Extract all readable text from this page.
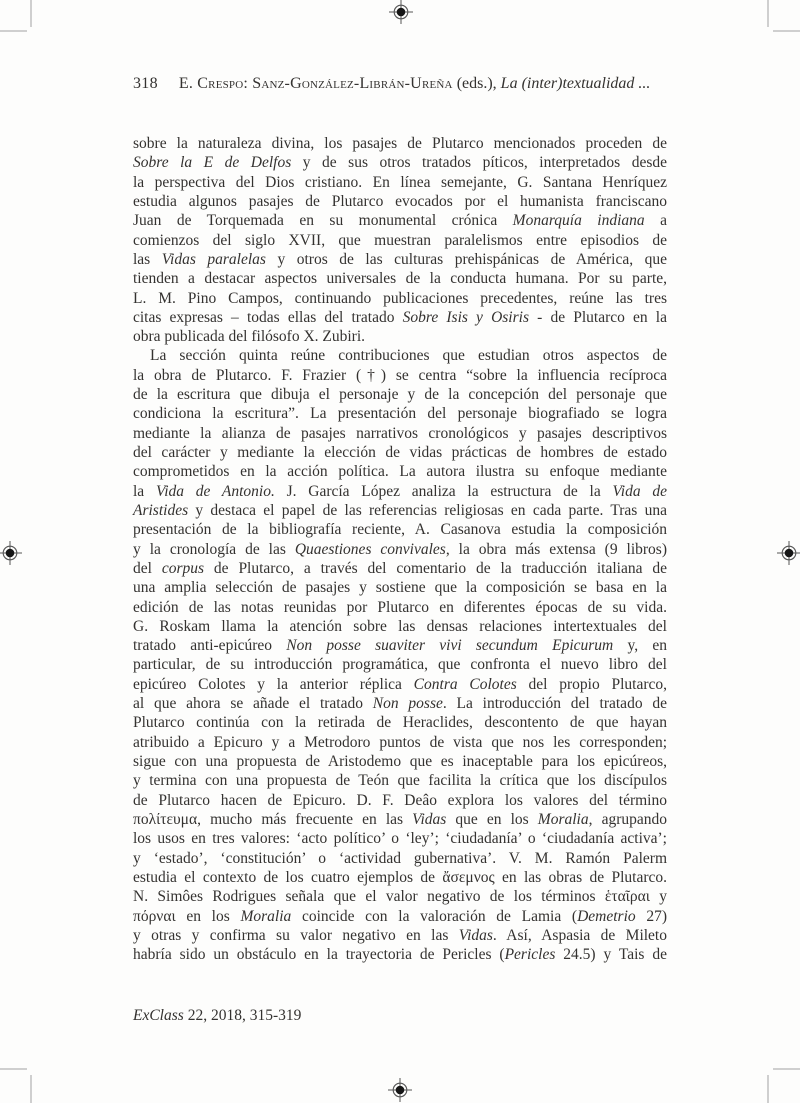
318 E. Crespo: Sanz-González-Librán-Ureña (eds.), La (inter)textualidad ...
sobre la naturaleza divina, los pasajes de Plutarco mencionados proceden de
Sobre la E de Delfos y de sus otros tratados píticos, interpretados desde
la perspectiva del Dios cristiano. En línea semejante, G. Santana Henríquez
estudia algunos pasajes de Plutarco evocados por el humanista franciscano
Juan de Torquemada en su monumental crónica Monarquía indiana a
comienzos del siglo XVII, que muestran paralelismos entre episodios de
las Vidas paralelas y otros de las culturas prehispánicas de América, que
tienden a destacar aspectos universales de la conducta humana. Por su parte,
L. M. Pino Campos, continuando publicaciones precedentes, reúne las tres
citas expresas – todas ellas del tratado Sobre Isis y Osiris - de Plutarco en la
obra publicada del filósofo X. Zubiri.
La sección quinta reúne contribuciones que estudian otros aspectos de
la obra de Plutarco. F. Frazier (†) se centra “sobre la influencia recíproca
de la escritura que dibuja el personaje y de la concepción del personaje que
condiciona la escritura”. La presentación del personaje biografiado se logra
mediante la alianza de pasajes narrativos cronológicos y pasajes descriptivos
del carácter y mediante la elección de vidas prácticas de hombres de estado
comprometidos en la acción política. La autora ilustra su enfoque mediante
la Vida de Antonio. J. García López analiza la estructura de la Vida de
Aristides y destaca el papel de las referencias religiosas en cada parte. Tras una
presentación de la bibliografía reciente, A. Casanova estudia la composición
y la cronología de las Quaestiones convivales, la obra más extensa (9 libros)
del corpus de Plutarco, a través del comentario de la traducción italiana de
una amplia selección de pasajes y sostiene que la composición se basa en la
edición de las notas reunidas por Plutarco en diferentes épocas de su vida.
G. Roskam llama la atención sobre las densas relaciones intertextuales del
tratado anti-epicúreo Non posse suaviter vivi secundum Epicurum y, en
particular, de su introducción programática, que confronta el nuevo libro del
epicúreo Colotes y la anterior réplica Contra Colotes del propio Plutarco,
al que ahora se añade el tratado Non posse. La introducción del tratado de
Plutarco continúa con la retirada de Heraclides, descontento de que hayan
atribuido a Epicuro y a Metrodoro puntos de vista que nos les corresponden;
sigue con una propuesta de Aristodemo que es inaceptable para los epicúreos,
y termina con una propuesta de Teón que facilita la crítica que los discípulos
de Plutarco hacen de Epicuro. D. F. Deâo explora los valores del término
πολίτευμα, mucho más frecuente en las Vidas que en los Moralia, agrupando
los usos en tres valores: ‘acto político’ o ‘ley’; ‘ciudadanía’ o ‘ciudadanía activa’;
y ‘estado’, ‘constitución’ o ‘actividad gubernativa’. V. M. Ramón Palerm
estudia el contexto de los cuatro ejemplos de ἄσεμνος en las obras de Plutarco.
N. Simôes Rodrigues señala que el valor negativo de los términos ἑταῖραι y
πόρναι en los Moralia coincide con la valoración de Lamia (Demetrio 27)
y otras y confirma su valor negativo en las Vidas. Así, Aspasia de Mileto
habría sido un obstáculo en la trayectoria de Pericles (Pericles 24.5) y Tais de
ExClass 22, 2018, 315-319
